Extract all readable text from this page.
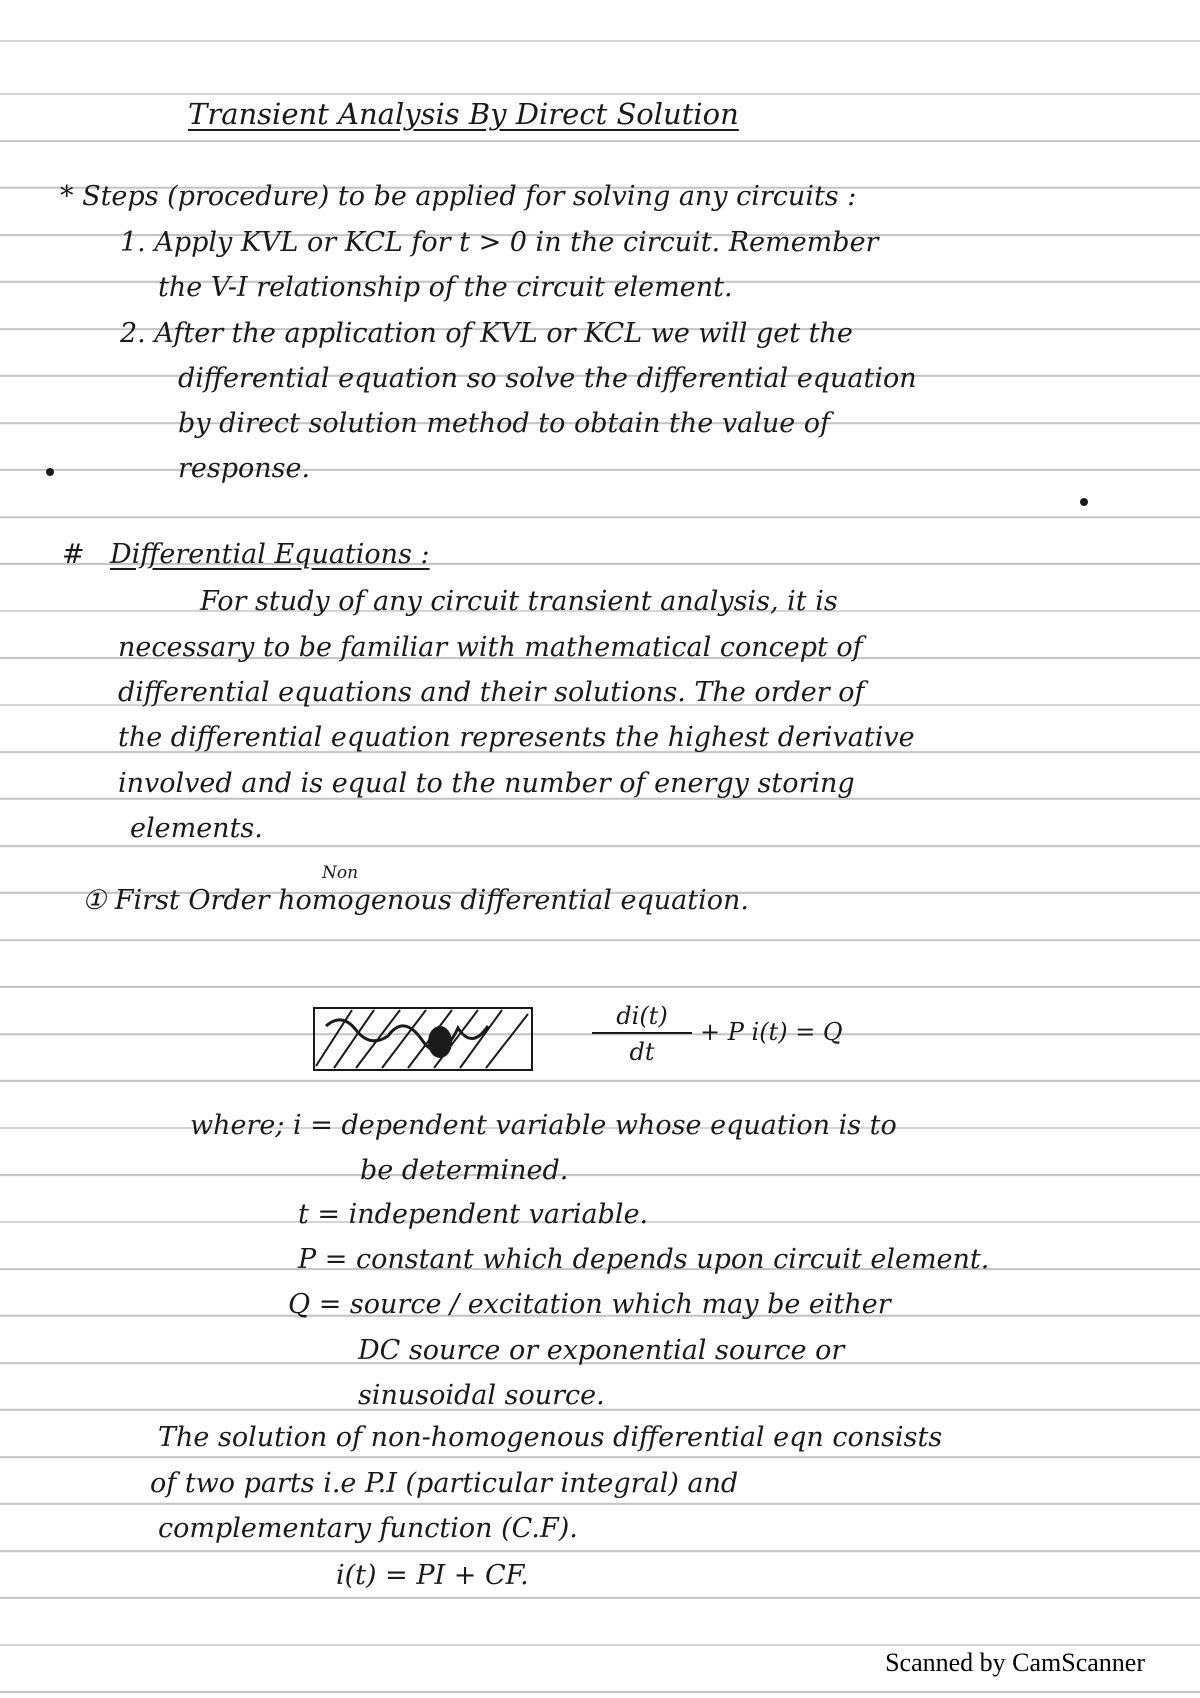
Transient Analysis By Direct Solution

* Steps (procedure) to be applied for solving any circuits :

1. Apply KVL or KCL for t > 0 in the circuit. Remember

the V-I relationship of the circuit element.

2. After the application of KVL or KCL we will get the

differential equation so solve the differential equation

by direct solution method to obtain the value of

response.

# Differential Equations :

For study of any circuit transient analysis, it is

necessary to be familiar with mathematical concept of

differential equations and their solutions. The order of

the differential equation represents the highest derivative

involved and is equal to the number of energy storing

elements.

Non

① First Order homogenous differential equation.

$\frac{di(t)}{dt} + P$ i(t) = Q

where; i = dependent variable whose equation is to

be determined.

t = independent variable.

P = constant which depends upon circuit element.

Q = source / excitation which may be either

DC source or exponential source or

sinusoidal source.

The solution of non-homogenous differential eqn consists

of two parts i.e P.I (particular integral) and

complementary function (C.F).

i(t) = PI + CF.

Scanned by CamScanner
